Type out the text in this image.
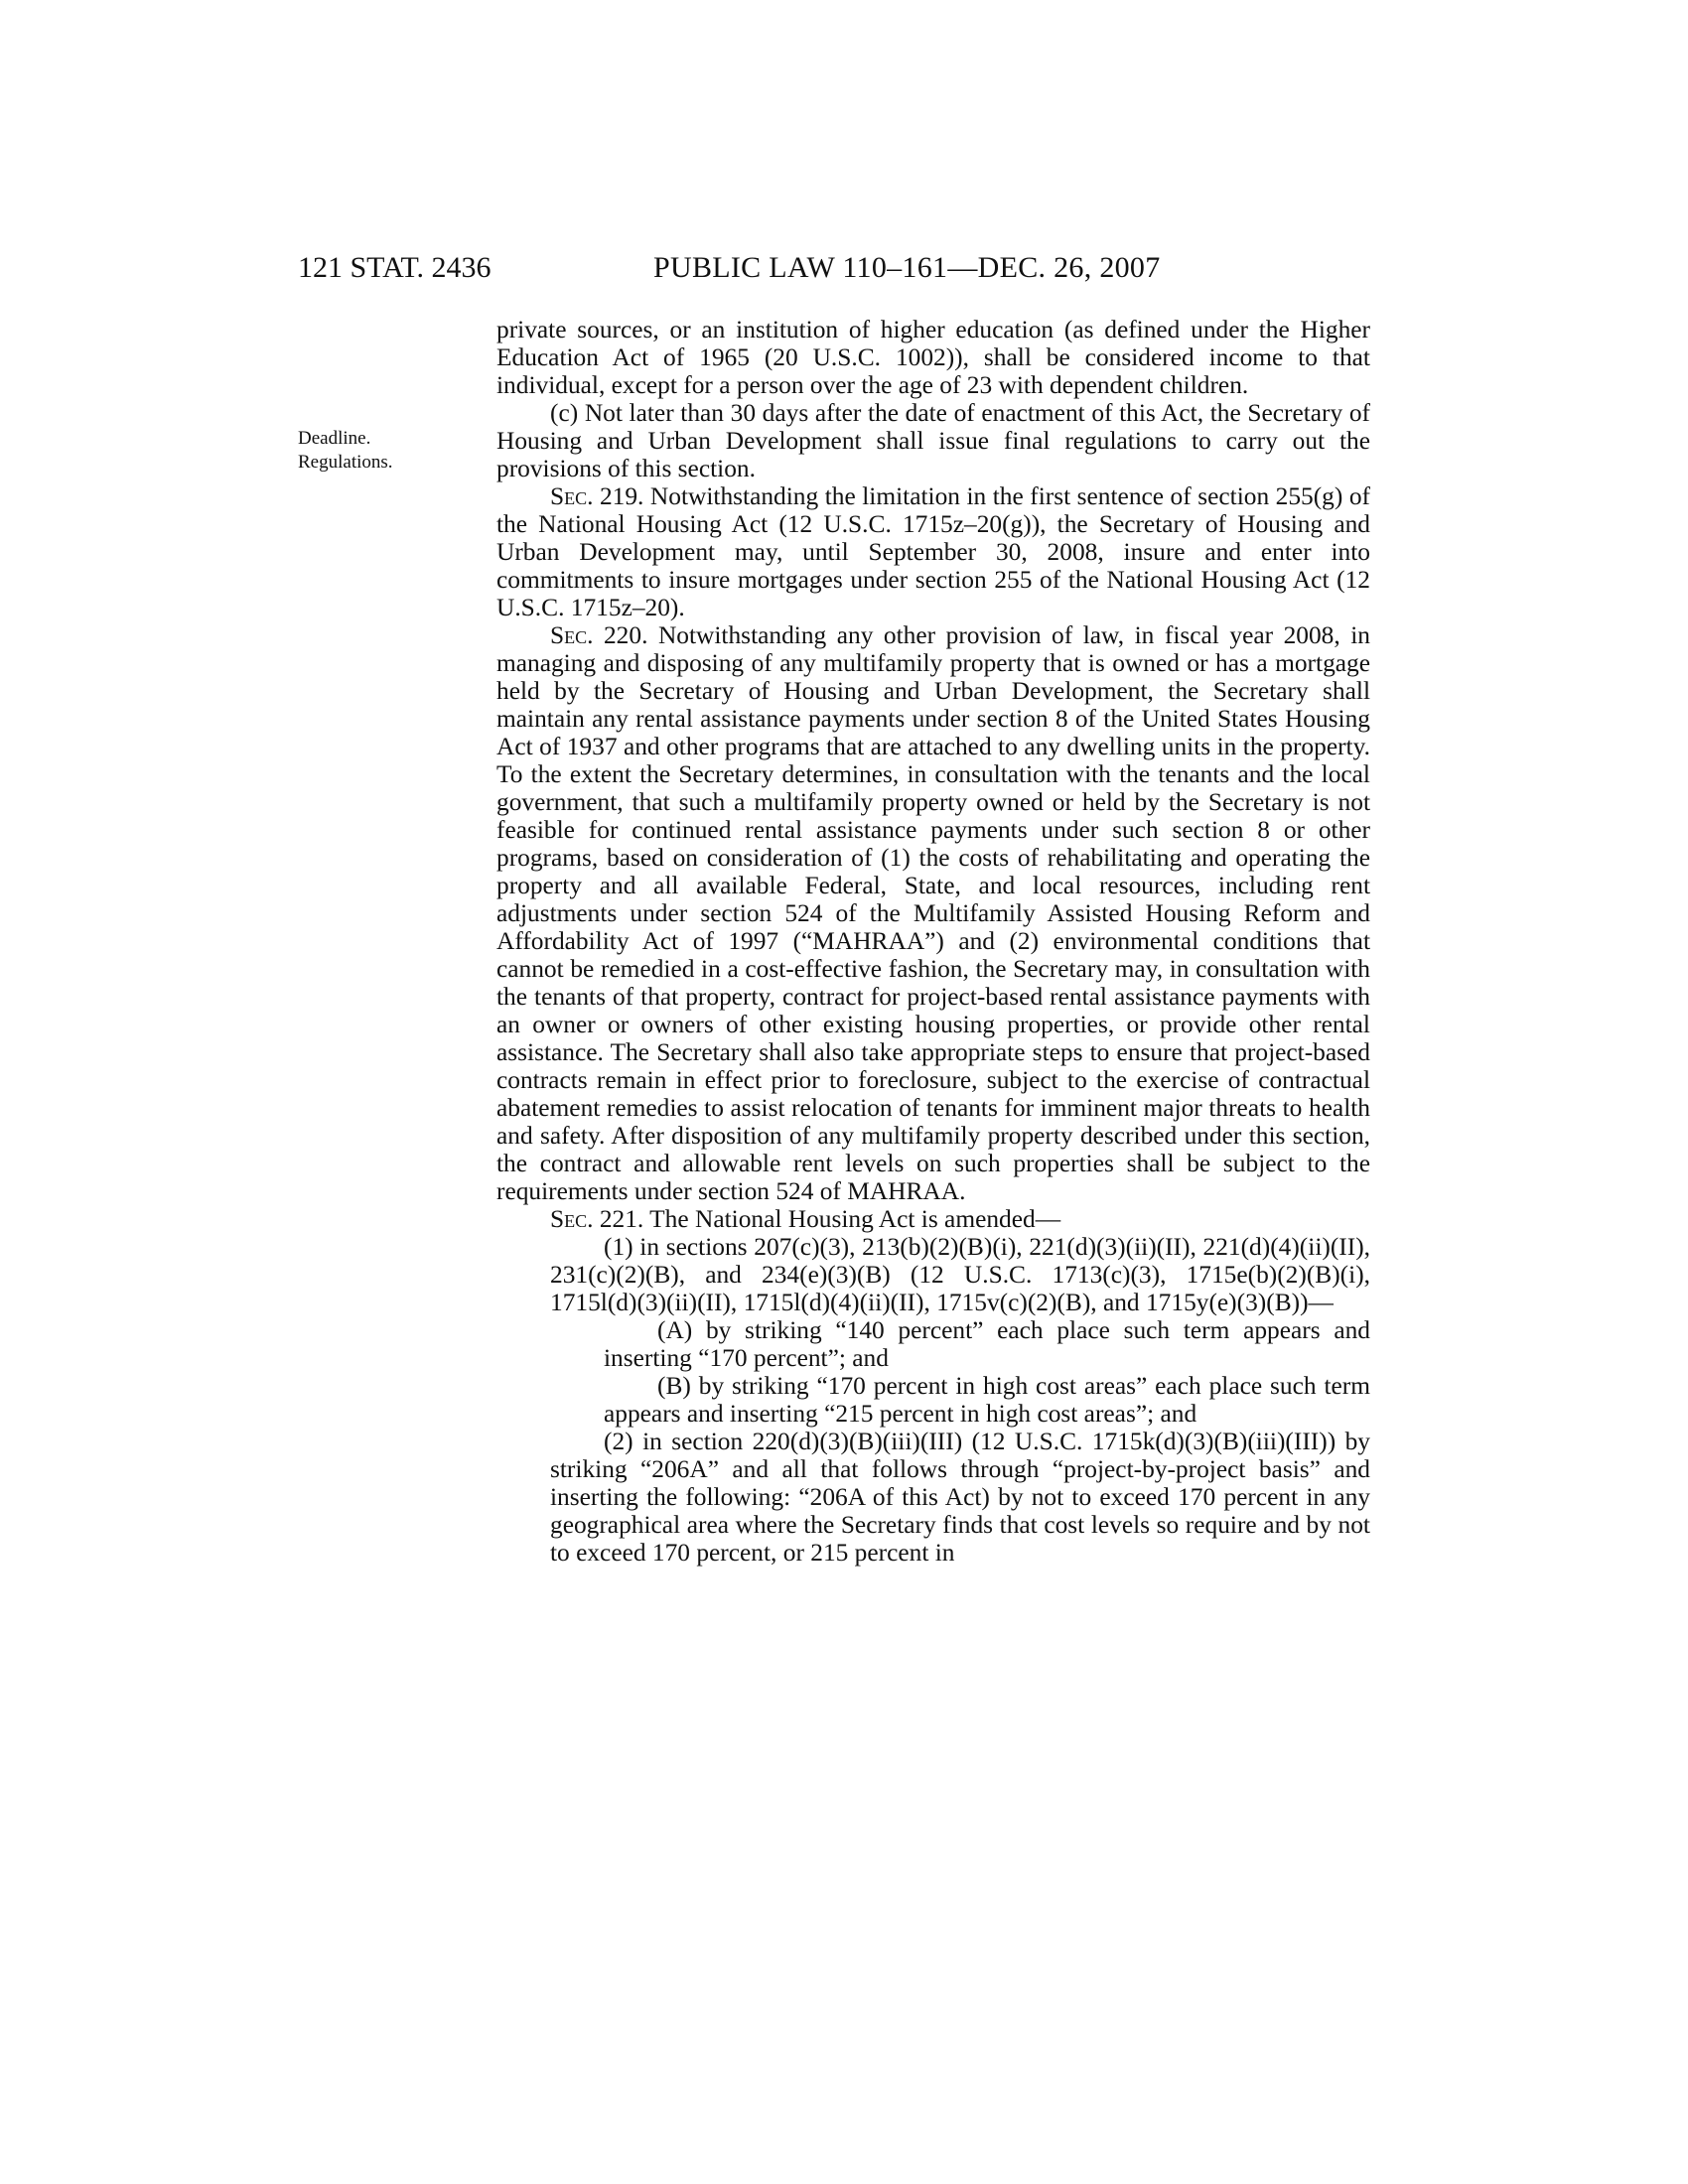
121 STAT. 2436	PUBLIC LAW 110–161—DEC. 26, 2007
Deadline.
Regulations.

private sources, or an institution of higher education (as defined under the Higher Education Act of 1965 (20 U.S.C. 1002)), shall be considered income to that individual, except for a person over the age of 23 with dependent children.

(c) Not later than 30 days after the date of enactment of this Act, the Secretary of Housing and Urban Development shall issue final regulations to carry out the provisions of this section.

Sec. 219. Notwithstanding the limitation in the first sentence of section 255(g) of the National Housing Act (12 U.S.C. 1715z–20(g)), the Secretary of Housing and Urban Development may, until September 30, 2008, insure and enter into commitments to insure mortgages under section 255 of the National Housing Act (12 U.S.C. 1715z–20).

Sec. 220. Notwithstanding any other provision of law, in fiscal year 2008, in managing and disposing of any multifamily property that is owned or has a mortgage held by the Secretary of Housing and Urban Development, the Secretary shall maintain any rental assistance payments under section 8 of the United States Housing Act of 1937 and other programs that are attached to any dwelling units in the property. To the extent the Secretary determines, in consultation with the tenants and the local government, that such a multifamily property owned or held by the Secretary is not feasible for continued rental assistance payments under such section 8 or other programs, based on consideration of (1) the costs of rehabilitating and operating the property and all available Federal, State, and local resources, including rent adjustments under section 524 of the Multifamily Assisted Housing Reform and Affordability Act of 1997 (“MAHRAA”) and (2) environmental conditions that cannot be remedied in a cost-effective fashion, the Secretary may, in consultation with the tenants of that property, contract for project-based rental assistance payments with an owner or owners of other existing housing properties, or provide other rental assistance. The Secretary shall also take appropriate steps to ensure that project-based contracts remain in effect prior to foreclosure, subject to the exercise of contractual abatement remedies to assist relocation of tenants for imminent major threats to health and safety. After disposition of any multifamily property described under this section, the contract and allowable rent levels on such properties shall be subject to the requirements under section 524 of MAHRAA.

Sec. 221. The National Housing Act is amended—

(1) in sections 207(c)(3), 213(b)(2)(B)(i), 221(d)(3)(ii)(II), 221(d)(4)(ii)(II), 231(c)(2)(B), and 234(e)(3)(B) (12 U.S.C. 1713(c)(3), 1715e(b)(2)(B)(i), 1715l(d)(3)(ii)(II), 1715l(d)(4)(ii)(II), 1715v(c)(2)(B), and 1715y(e)(3)(B))—

(A) by striking “140 percent” each place such term appears and inserting “170 percent”; and

(B) by striking “170 percent in high cost areas” each place such term appears and inserting “215 percent in high cost areas”; and

(2) in section 220(d)(3)(B)(iii)(III) (12 U.S.C. 1715k(d)(3)(B)(iii)(III)) by striking “206A” and all that follows through “project-by-project basis” and inserting the following: “206A of this Act) by not to exceed 170 percent in any geographical area where the Secretary finds that cost levels so require and by not to exceed 170 percent, or 215 percent in
